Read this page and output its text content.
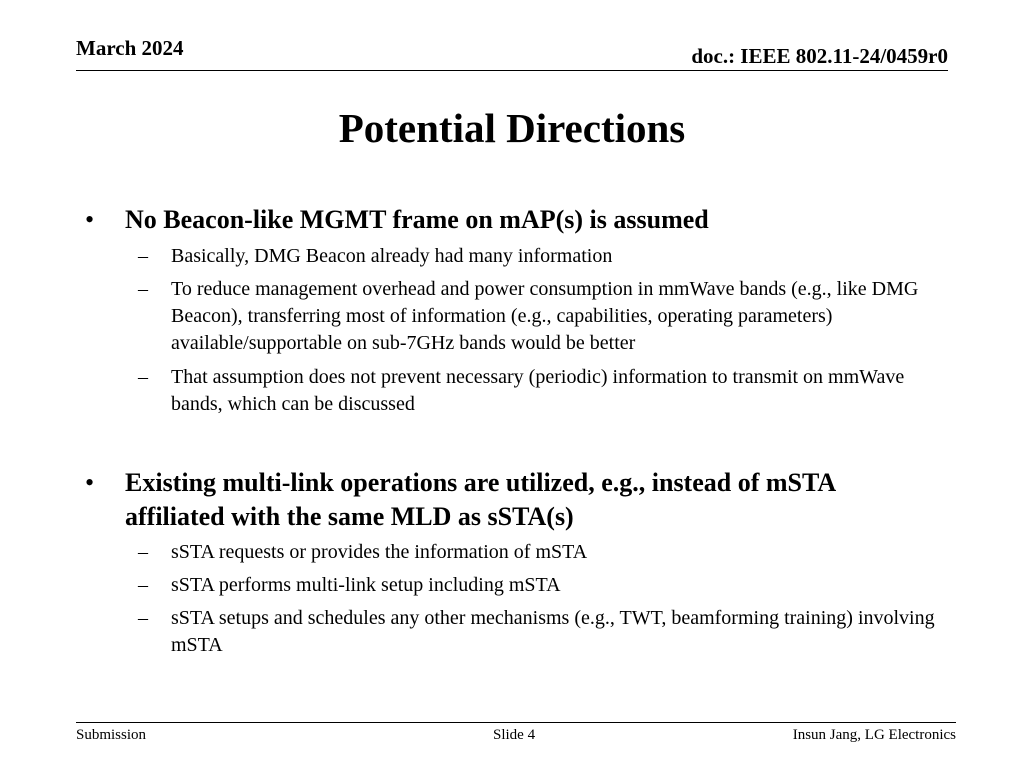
March 2024	doc.: IEEE 802.11-24/0459r0
Potential Directions
• No Beacon-like MGMT frame on mAP(s) is assumed
– Basically, DMG Beacon already had many information
– To reduce management overhead and power consumption in mmWave bands (e.g., like DMG Beacon), transferring most of information (e.g., capabilities, operating parameters) available/supportable on sub-7GHz bands would be better
– That assumption does not prevent necessary (periodic) information to transmit on mmWave bands, which can be discussed
• Existing multi-link operations are utilized, e.g., instead of mSTA affiliated with the same MLD as sSTA(s)
– sSTA requests or provides the information of mSTA
– sSTA performs multi-link setup including mSTA
– sSTA setups and schedules any other mechanisms (e.g., TWT, beamforming training) involving mSTA
Submission	Slide 4	Insun Jang, LG Electronics
